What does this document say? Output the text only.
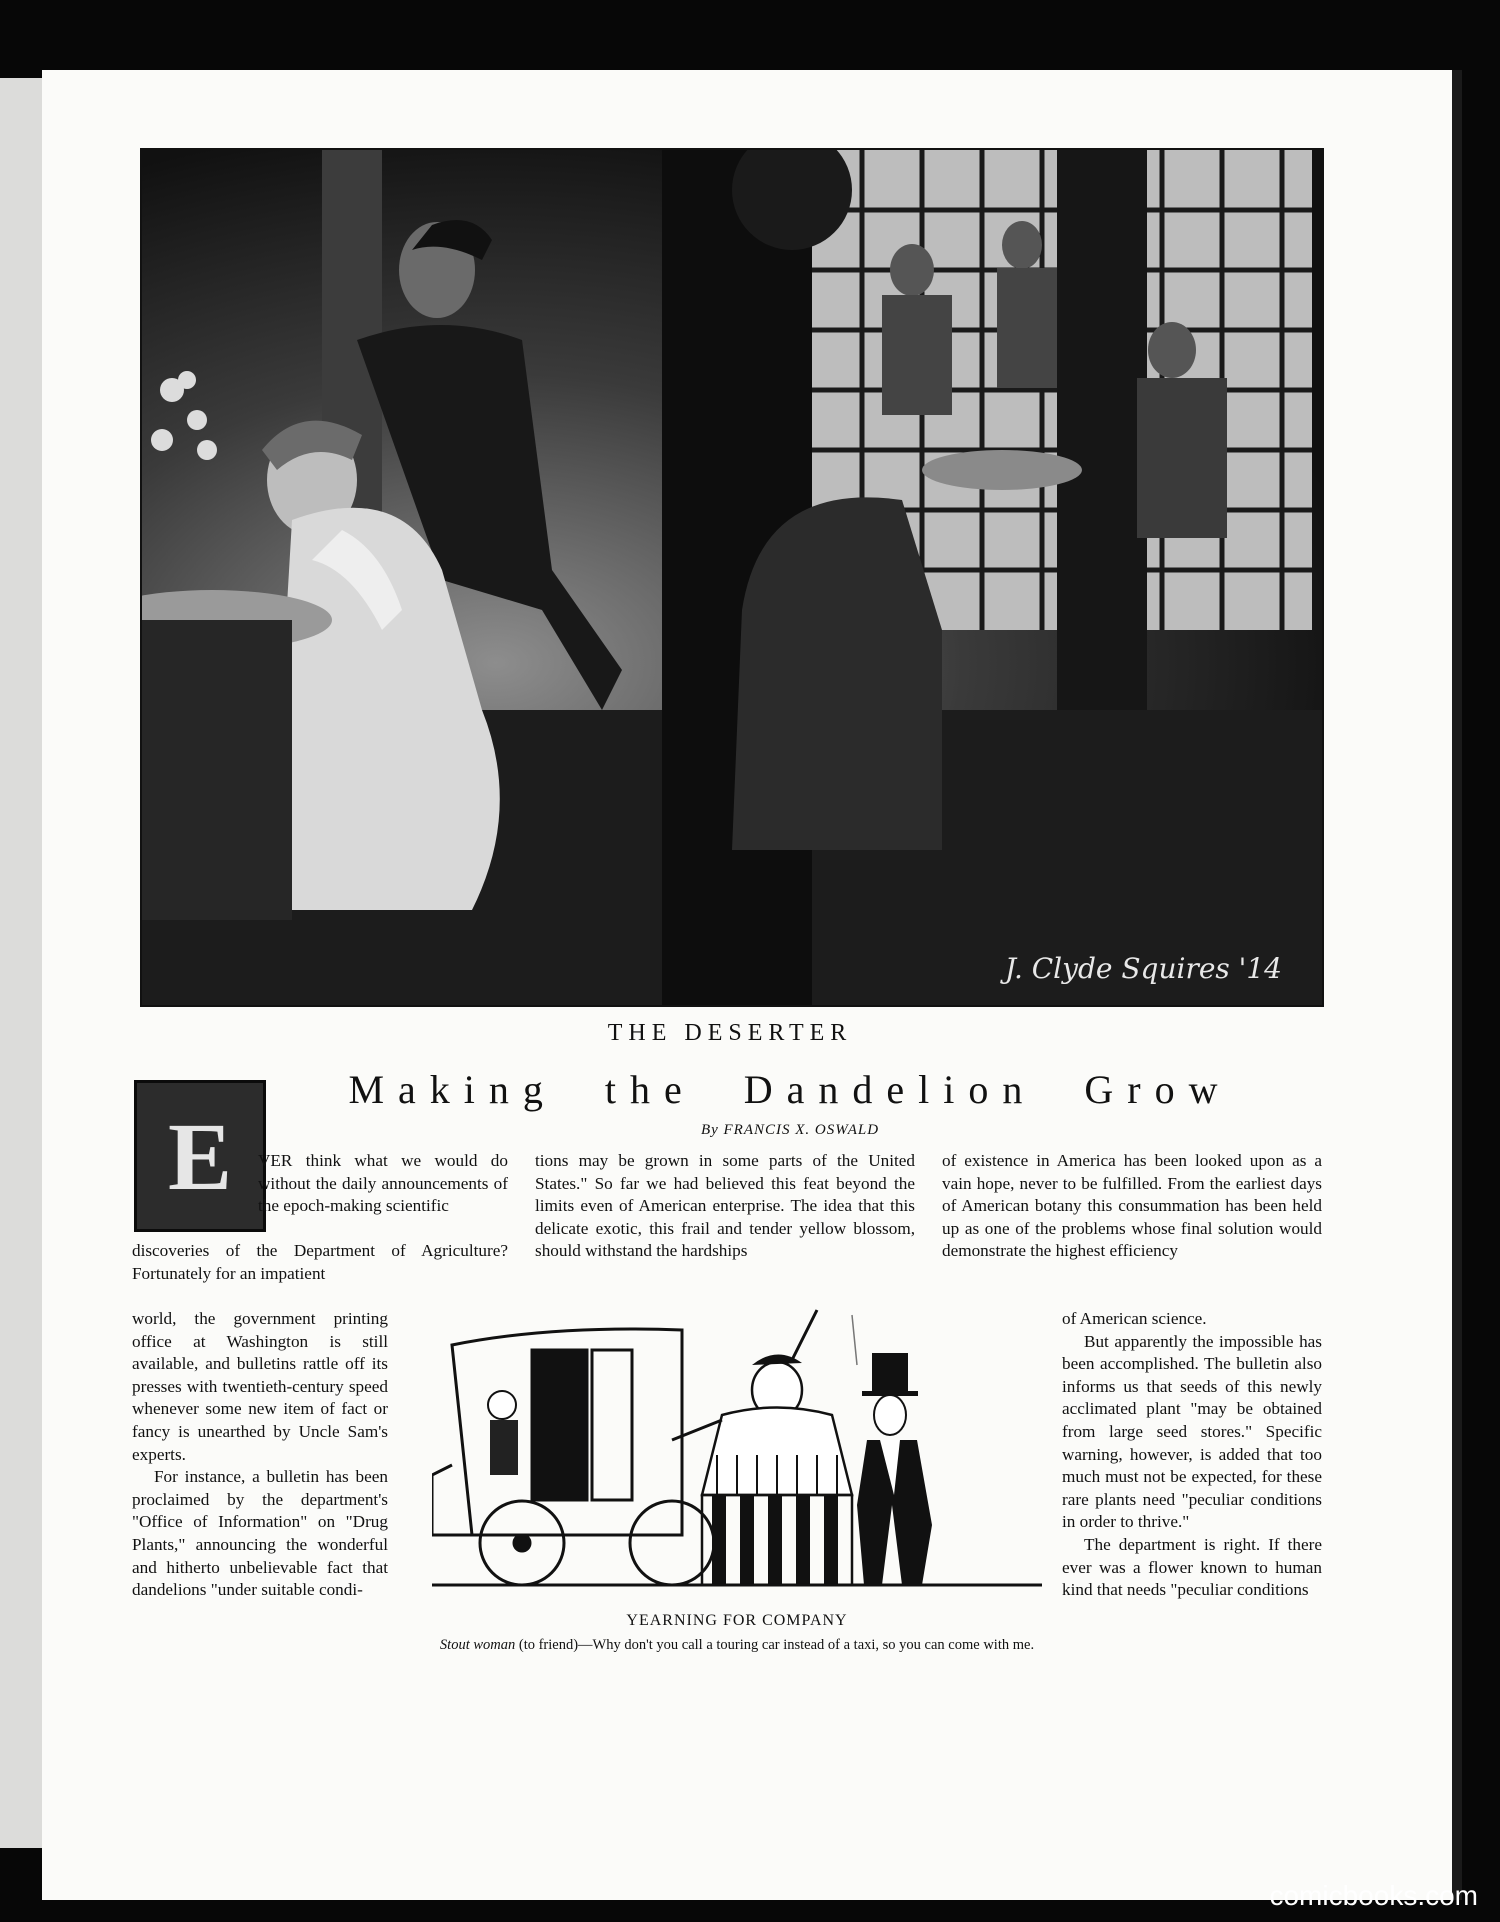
J. Clyde Squires '14
THE DESERTER
Making the Dandelion Grow
By FRANCIS X. OSWALD
E	VER think what we would do without the daily announcements of the epoch-making scientific
discoveries of the Department of Agriculture? Fortunately for an impatient

world, the government printing office at Washington is still available, and bulletins rattle off its presses with twentieth-century speed whenever some new item of fact or fancy is unearthed by Uncle Sam's experts.

For instance, a bulletin has been proclaimed by the department's "Office of Information" on "Drug Plants," announcing the wonderful and hitherto unbelievable fact that dandelions "under suitable condi-

tions may be grown in some parts of the United States." So far we had believed this feat beyond the limits even of American enterprise. The idea that this delicate exotic, this frail and tender yellow blossom, should withstand the hardships
of existence in America has been looked upon as a vain hope, never to be fulfilled. From the earliest days of American botany this consummation has been held up as one of the problems whose final solution would demonstrate the highest efficiency

of American science.

But apparently the impossible has been accomplished. The bulletin also informs us that seeds of this newly acclimated plant "may be obtained from large seed stores." Specific warning, however, is added that too much must not be expected, for these rare plants need "peculiar conditions in order to thrive."

The department is right. If there ever was a flower known to human kind that needs "peculiar conditions

YEARNING FOR COMPANY
Stout woman (to friend)—Why don't you call a touring car instead of a taxi, so you can come with me.
comicbooks.com
